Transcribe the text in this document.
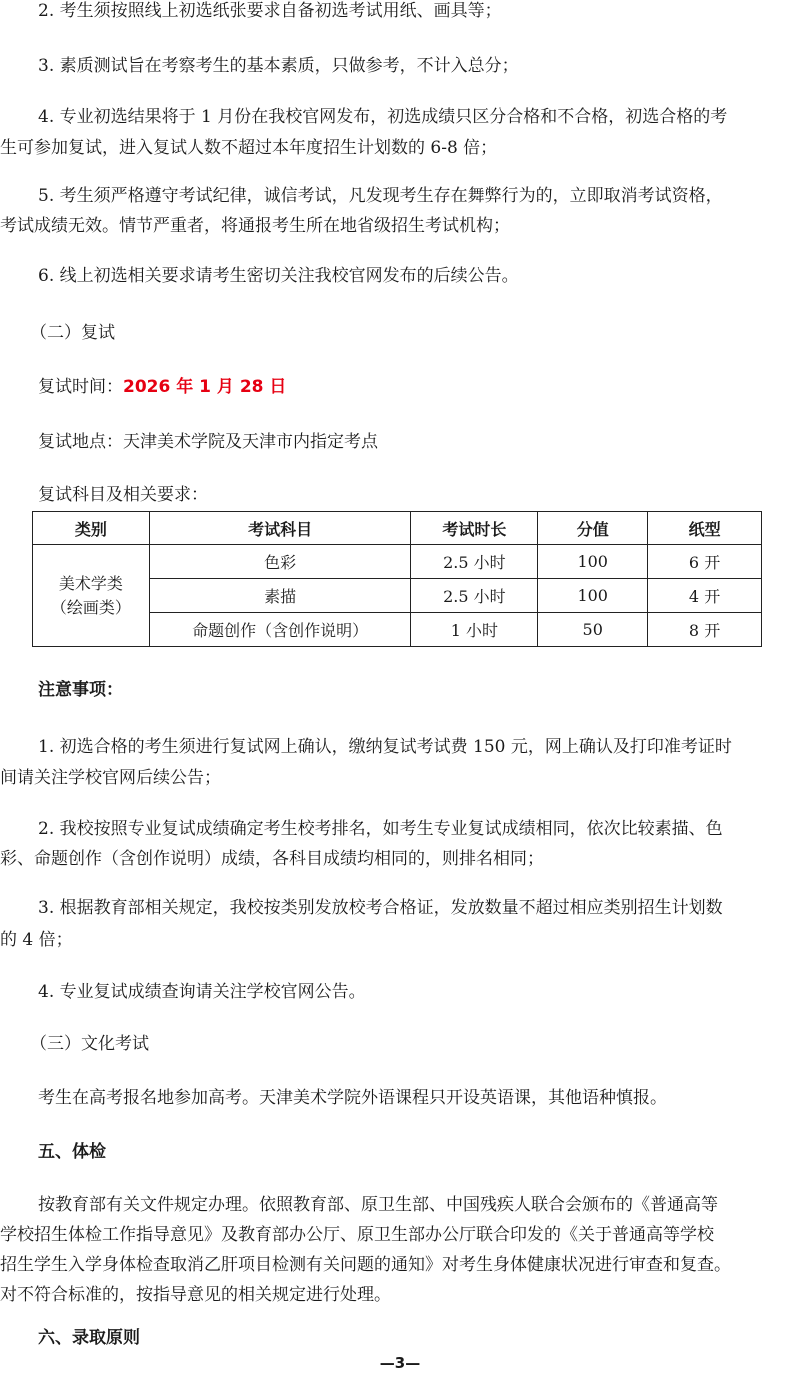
2. 考生须按照线上初选纸张要求自备初选考试用纸、画具等；
3. 素质测试旨在考察考生的基本素质，只做参考，不计入总分；
4. 专业初选结果将于 1 月份在我校官网发布，初选成绩只区分合格和不合格，初选合格的考
生可参加复试，进入复试人数不超过本年度招生计划数的 6-8 倍；
5. 考生须严格遵守考试纪律，诚信考试，凡发现考生存在舞弊行为的，立即取消考试资格，
考试成绩无效。情节严重者，将通报考生所在地省级招生考试机构；
6. 线上初选相关要求请考生密切关注我校官网发布的后续公告。
（二）复试
复试时间：2026 年 1 月 28 日
复试地点：天津美术学院及天津市内指定考点
复试科目及相关要求：
类别	考试科目	考试时长	分值	纸型

美术学类
（绘画类）	色彩	2.5 小时	100	6 开
	素描	2.5 小时	100	4 开
	命题创作（含创作说明）	1 小时	50	8 开
注意事项：
1. 初选合格的考生须进行复试网上确认，缴纳复试考试费 150 元，网上确认及打印准考证时
间请关注学校官网后续公告；
2. 我校按照专业复试成绩确定考生校考排名，如考生专业复试成绩相同，依次比较素描、色
彩、命题创作（含创作说明）成绩，各科目成绩均相同的，则排名相同；
3. 根据教育部相关规定，我校按类别发放校考合格证，发放数量不超过相应类别招生计划数
的 4 倍；
4. 专业复试成绩查询请关注学校官网公告。
（三）文化考试
考生在高考报名地参加高考。天津美术学院外语课程只开设英语课，其他语种慎报。
五、体检
按教育部有关文件规定办理。依照教育部、原卫生部、中国残疾人联合会颁布的《普通高等
学校招生体检工作指导意见》及教育部办公厅、原卫生部办公厅联合印发的《关于普通高等学校
招生学生入学身体检查取消乙肝项目检测有关问题的通知》对考生身体健康状况进行审查和复查。
对不符合标准的，按指导意见的相关规定进行处理。
六、录取原则
—3—
